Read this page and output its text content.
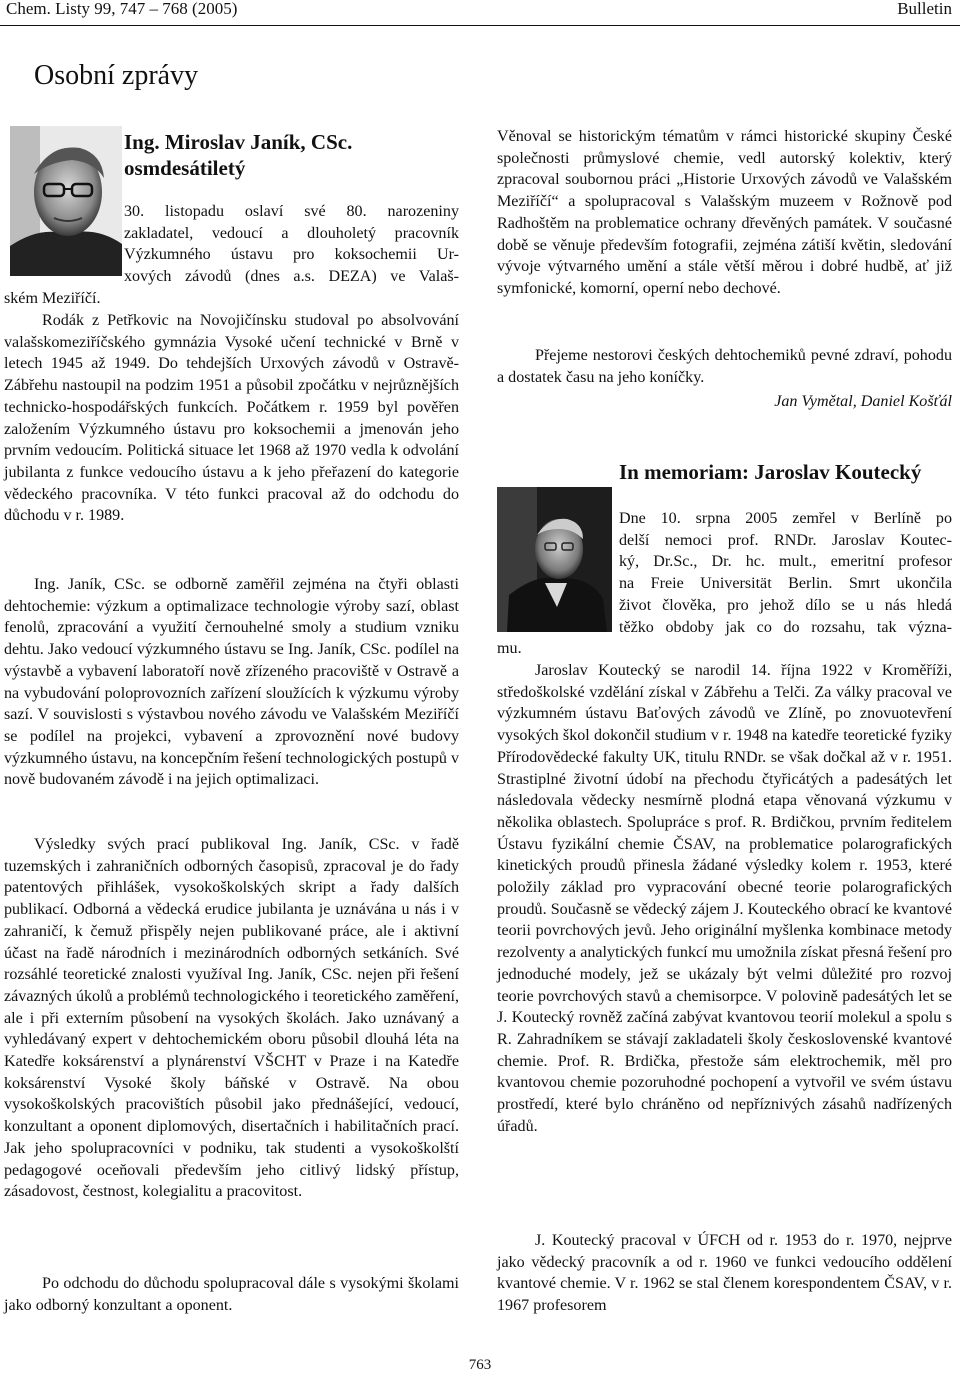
Chem. Listy 99, 747 – 768 (2005)	Bulletin
Osobní zprávy
Ing. Miroslav Janík, CSc.
osmdesátiletý
30. listopadu oslaví své 80. narozeniny
zakladatel, vedoucí a dlouholetý pracovník
Výzkumného ústavu pro koksochemii Ur-
xových závodů (dnes a.s. DEZA) ve Valaš-
ském Meziříčí.

Rodák z Petřkovic na Novojičínsku studoval po absolvování valašskomeziříčského gymnázia Vysoké učení technické v Brně v letech 1945 až 1949. Do tehdejších Urxových závodů v Ostravě-Zábřehu nastoupil na podzim 1951 a působil zpočátku v nejrůznějších technicko-hospodářských funkcích. Počátkem r. 1959 byl pověřen založením Výzkumného ústavu pro koksochemii a jmenován jeho prvním vedoucím. Politická situace let 1968 až 1970 vedla k odvolání jubilanta z funkce vedoucího ústavu a k jeho přeřazení do kategorie vědeckého pracovníka. V této funkci pracoval až do odchodu do důchodu v r. 1989.

Ing. Janík, CSc. se odborně zaměřil zejména na čtyři oblasti dehtochemie: výzkum a optimalizace technologie výroby sazí, oblast fenolů, zpracování a využití černouhelné smoly a studium vzniku dehtu. Jako vedoucí výzkumného ústavu se Ing. Janík, CSc. podílel na výstavbě a vybavení laboratoří nově zřízeného pracoviště v Ostravě a na vybudování poloprovozních zařízení sloužících k výzkumu výroby sazí. V souvislosti s výstavbou nového závodu ve Valašském Meziříčí se podílel na projekci, vybavení a zprovoznění nové budovy výzkumného ústavu, na koncepčním řešení technologických postupů v nově budovaném závodě i na jejich optimalizaci.

Výsledky svých prací publikoval Ing. Janík, CSc. v řadě tuzemských i zahraničních odborných časopisů, zpracoval je do řady patentových přihlášek, vysokoškolských skript a řady dalších publikací. Odborná a vědecká erudice jubilanta je uznávána u nás i v zahraničí, k čemuž přispěly nejen publikované práce, ale i aktivní účast na řadě národních i mezinárodních odborných setkáních. Své rozsáhlé teoretické znalosti využíval Ing. Janík, CSc. nejen při řešení závazných úkolů a problémů technologického i teoretického zaměření, ale i při externím působení na vysokých školách. Jako uznávaný a vyhledávaný expert v dehtochemickém oboru působil dlouhá léta na Katedře koksárenství a plynárenství VŠCHT v Praze i na Katedře koksárenství Vysoké školy báňské v Ostravě. Na obou vysokoškolských pracovištích působil jako přednášející, vedoucí, konzultant a oponent diplomových, disertačních i habilitačních prací. Jak jeho spolupracovníci v podniku, tak studenti a vysokoškolští pedagogové oceňovali především jeho citlivý lidský přístup, zásadovost, čestnost, kolegialitu a pracovitost.

Po odchodu do důchodu spolupracoval dále s vysokými školami jako odborný konzultant a oponent.

Věnoval se historickým tématům v rámci historické skupiny České společnosti průmyslové chemie, vedl autorský kolektiv, který zpracoval soubornou práci „Historie Urxových závodů ve Valašském Meziříčí“ a spolupracoval s Valašským muzeem v Rožnově pod Radhoštěm na problematice ochrany dřevěných památek. V současné době se věnuje především fotografii, zejména zátiší květin, sledování vývoje výtvarného umění a stále větší měrou i dobré hudbě, ať již symfonické, komorní, operní nebo dechové.

Přejeme nestorovi českých dehtochemiků pevné zdraví, pohodu a dostatek času na jeho koníčky.

Jan Vymětal, Daniel Košťál
In memoriam: Jaroslav Koutecký
Dne 10. srpna 2005 zemřel v Berlíně po
delší nemoci prof. RNDr. Jaroslav Koutec-
ký, Dr.Sc., Dr. hc. mult., emeritní profesor
na Freie Universität Berlin. Smrt ukončila
život člověka, pro jehož dílo se u nás hledá
těžko obdoby jak co do rozsahu, tak význa-
mu.

Jaroslav Koutecký se narodil 14. října 1922 v Kroměříži, středoškolské vzdělání získal v Zábřehu a Telči. Za války pracoval ve výzkumném ústavu Baťových závodů ve Zlíně, po znovuotevření vysokých škol dokončil studium v r. 1948 na katedře teoretické fyziky Přírodovědecké fakulty UK, titulu RNDr. se však dočkal až v r. 1951. Strastiplné životní údobí na přechodu čtyřicátých a padesátých let následovala vědecky nesmírně plodná etapa věnovaná výzkumu v několika oblastech. Spolupráce s prof. R. Brdičkou, prvním ředitelem Ústavu fyzikální chemie ČSAV, na problematice polarografických kinetických proudů přinesla žádané výsledky kolem r. 1953, které položily základ pro vypracování obecné teorie polarografických proudů. Současně se vědecký zájem J. Kouteckého obrací ke kvantové teorii povrchových jevů. Jeho originální myšlenka kombinace metody rezolventy a analytických funkcí mu umožnila získat přesná řešení pro jednoduché modely, jež se ukázaly být velmi důležité pro rozvoj teorie povrchových stavů a chemisorpce. V polovině padesátých let se J. Koutecký rovněž začíná zabývat kvantovou teorií molekul a spolu s R. Zahradníkem se stávají zakladateli školy československé kvantové chemie. Prof. R. Brdička, přestože sám elektrochemik, měl pro kvantovou chemie pozoruhodné pochopení a vytvořil ve svém ústavu prostředí, které bylo chráněno od nepříznivých zásahů nadřízených úřadů.

J. Koutecký pracoval v ÚFCH od r. 1953 do r. 1970, nejprve jako vědecký pracovník a od r. 1960 ve funkci vedoucího oddělení kvantové chemie. V r. 1962 se stal členem korespondentem ČSAV, v r. 1967 profesorem

763
